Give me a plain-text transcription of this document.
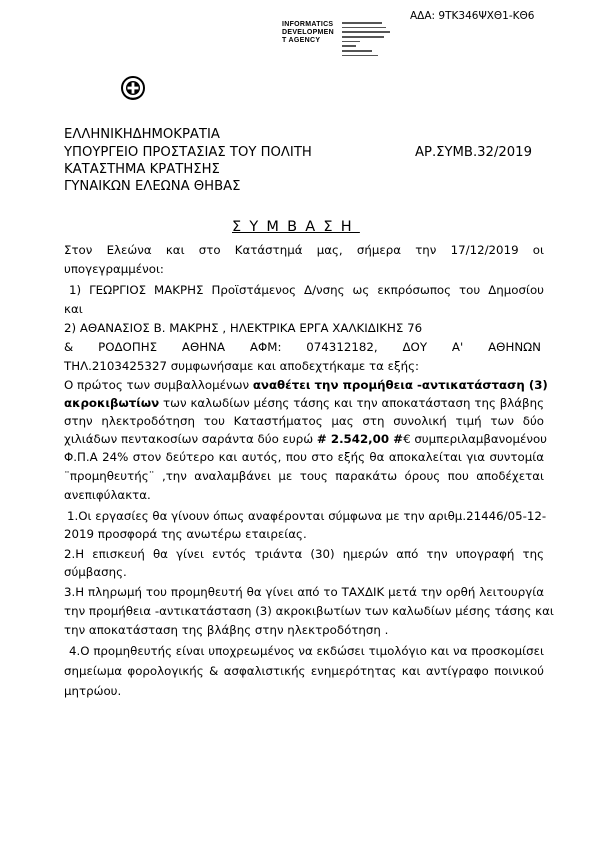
ΑΔΑ: 9ΤΚ346ΨΧΘ1-ΚΘ6
INFORMATICS
DEVELOPMEN
T AGENCY
ΕΛΛΗΝΙΚΗΔΗΜΟΚΡΑΤΙΑ
ΥΠΟΥΡΓΕΙΟ ΠΡΟΣΤΑΣΙΑΣ ΤΟΥ ΠΟΛΙΤΗ
ΚΑΤΑΣΤΗΜΑ ΚΡΑΤΗΣΗΣ
ΓΥΝΑΙΚΩΝ ΕΛΕΩΝΑ ΘΗΒΑΣ
ΑΡ.ΣΥΜΒ.32/2019
ΣΥΜΒΑΣΗ
Στον Ελεώνα και στο Κατάστημά μας, σήμερα την 17/12/2019 οι
υπογεγραμμένοι:
1) ΓΕΩΡΓΙΟΣ ΜΑΚΡΗΣ Προϊστάμενος Δ/νσης ως εκπρόσωπος του Δημοσίου
και
2) ΑΘΑΝΑΣΙΟΣ Β. ΜΑΚΡΗΣ , ΗΛΕΚΤΡΙΚΑ ΕΡΓΑ ΧΑΛΚΙΔΙΚΗΣ 76
& ΡΟΔΟΠΗΣ ΑΘΗΝΑ ΑΦΜ: 074312182, ΔΟΥ Α' ΑΘΗΝΩΝ
ΤΗΛ.2103425327 συμφωνήσαμε και αποδεχτήκαμε τα εξής:
Ο πρώτος των συμβαλλομένων αναθέτει την προμήθεια -αντικατάσταση (3)
ακροκιβωτίων των καλωδίων μέσης τάσης και την αποκατάσταση της βλάβης
στην ηλεκτροδότηση του Καταστήματος μας στη συνολική τιμή των δύο
χιλιάδων πεντακοσίων σαράντα δύο ευρώ # 2.542,00 #€ συμπεριλαμβανομένου
Φ.Π.Α 24% στον δεύτερο και αυτός, που στο εξής θα αποκαλείται για συντομία
¨προμηθευτής¨ ,την αναλαμβάνει με τους παρακάτω όρους που αποδέχεται
ανεπιφύλακτα.
1.Οι εργασίες θα γίνουν όπως αναφέρονται σύμφωνα με την αριθμ.21446/05-12-
2019 προσφορά της ανωτέρω εταιρείας.
2.Η επισκευή θα γίνει εντός τριάντα (30) ημερών από την υπογραφή της
σύμβασης.
3.Η πληρωμή του προμηθευτή θα γίνει από το ΤΑΧΔΙΚ μετά την ορθή λειτουργία
την προμήθεια -αντικατάσταση (3) ακροκιβωτίων των καλωδίων μέσης τάσης και
την αποκατάσταση της βλάβης στην ηλεκτροδότηση .
4.Ο προμηθευτής είναι υποχρεωμένος να εκδώσει τιμολόγιο και να προσκομίσει
σημείωμα φορολογικής & ασφαλιστικής ενημερότητας και αντίγραφο ποινικού
μητρώου.
